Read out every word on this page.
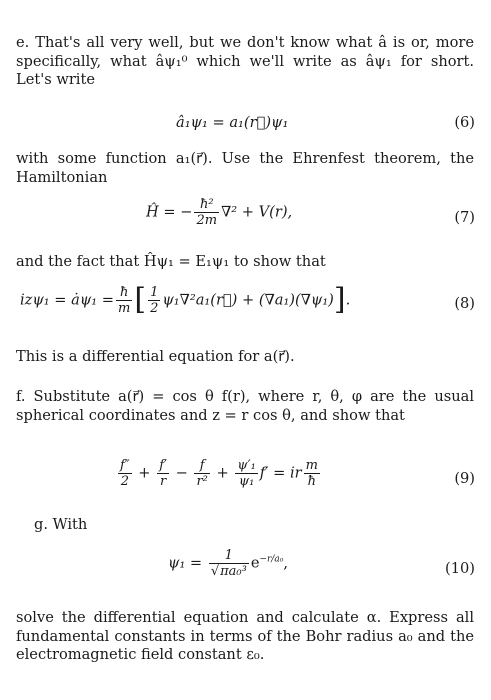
e. That's all very well, but we don't know what â is or, more specifically, what âψ₁⁰ which we'll write as âψ₁ for short. Let's write

â₁ψ₁ = a₁(r⃗)ψ₁	(6)

with some function a₁(r⃗). Use the Ehrenfest theorem, the Hamiltonian

Ĥ = − $\frac{\text{ħ²}}{2m} \nabla^2 + V(r)$,	(7)

and the fact that Ĥψ₁ = E₁ψ₁ to show that

izψ₁ = ȧψ₁ = $\frac{ħ}{m}$ [ $\frac{1}{2}$ ψ₁∇²a₁(r⃗) + (∇a₁)(∇ψ₁)].	(8)

This is a differential equation for a(r⃗).

f. Substitute a(r⃗) = cos θ f(r), where r, θ, φ are the usual spherical coordinates and z = r cos θ, and show that

$\frac{f''}{2} + \frac{f'}{r} - \frac{f}{\text{r²}} + \frac{\text{ψ′₁}}{\text{ψ₁}} f'$ = ir $\frac{m}{ħ}$	(9)

g. With

$\psi_1 = \frac{1}{\text{√πa₀³}} e^{-r/a_0}$,	(10)

solve the differential equation and calculate α. Express all fundamental constants in terms of the Bohr radius a₀ and the electromagnetic field constant ε₀.
